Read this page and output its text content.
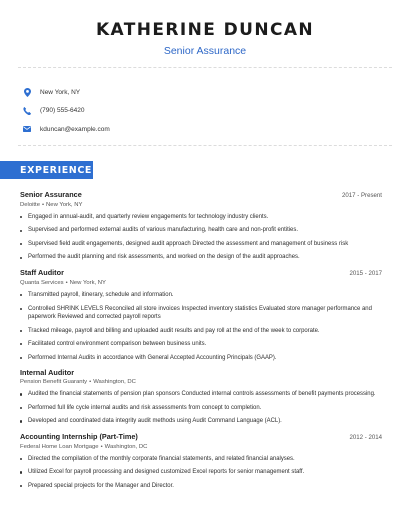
KATHERINE DUNCAN
Senior Assurance
New York, NY
(790) 555-6420
kduncan@example.com
EXPERIENCE
Senior Assurance	2017 - Present
Deloitte • New York, NY
Engaged in annual-audit, and quarterly review engagements for technology industry clients.
Supervised and performed external audits of various manufacturing, health care and non-profit entities.
Supervised field audit engagements, designed audit approach Directed the assessment and management of business risk
Performed the audit planning and risk assessments, and worked on the design of the audit approaches.
Staff Auditor	2015 - 2017
Quanta Services • New York, NY
Transmitted payroll, itinerary, schedule and information.
Controlled SHRINK LEVELS Reconciled all store invoices Inspected inventory statistics Evaluated store manager performance and paperwork Reviewed and corrected payroll reports
Tracked mileage, payroll and billing and uploaded audit results and pay roll at the end of the week to corporate.
Facilitated control environment comparison between business units.
Performed Internal Audits in accordance with General Accepted Accounting Principals (GAAP).
Internal Auditor
Pension Benefit Guaranty • Washington, DC
Audited the financial statements of pension plan sponsors Conducted internal controls assessments of benefit payments processing.
Performed full life cycle internal audits and risk assessments from concept to completion.
Developed and coordinated data integrity audit methods using Audit Command Language (ACL).
Accounting Internship (Part-Time)	2012 - 2014
Federal Home Loan Mortgage • Washington, DC
Directed the compilation of the monthly corporate financial statements, and related financial analyses.
Utilized Excel for payroll processing and designed customized Excel reports for senior management staff.
Prepared special projects for the Manager and Director.
